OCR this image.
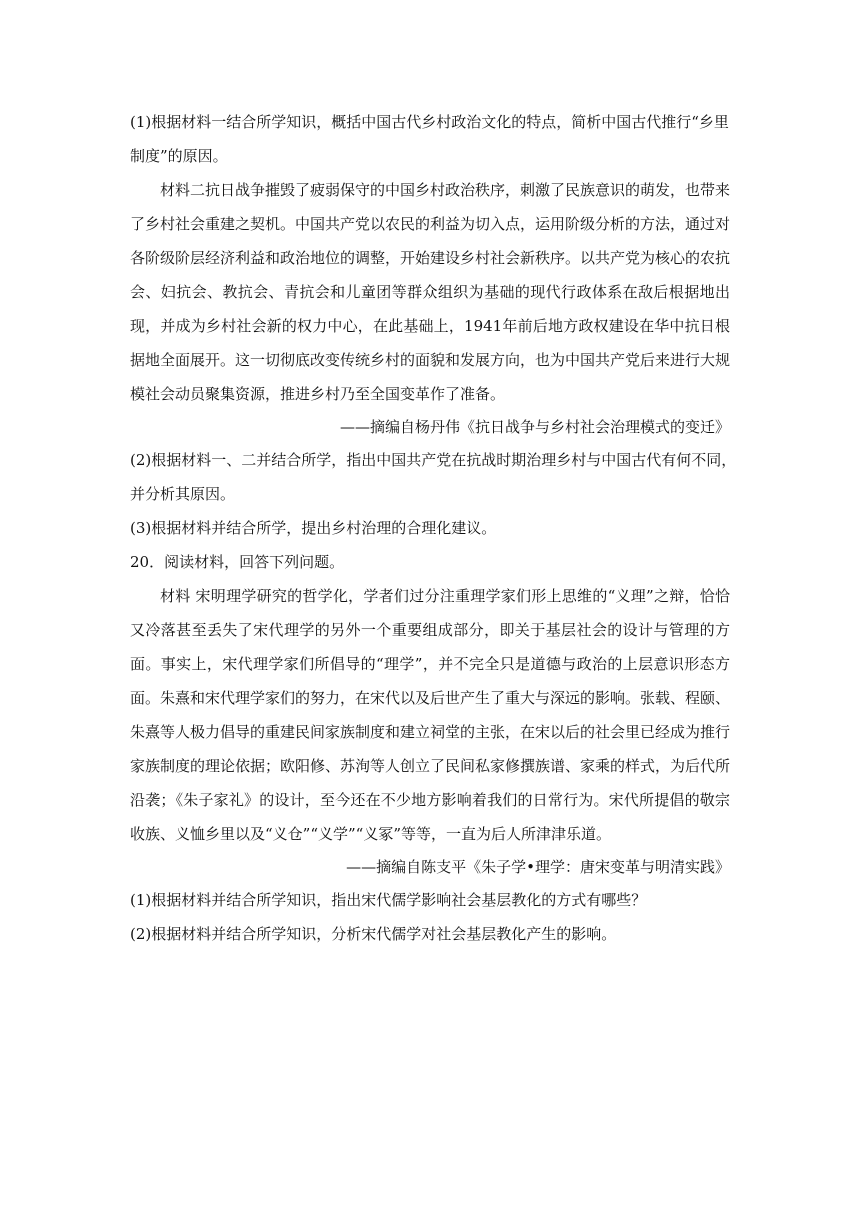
(1)根据材料一结合所学知识，概括中国古代乡村政治文化的特点，简析中国古代推行“乡里
制度”的原因。
材料二抗日战争摧毁了疲弱保守的中国乡村政治秩序，刺激了民族意识的萌发，也带来了乡村社会重建之契机。中国共产党以农民的利益为切入点，运用阶级分析的方法，通过对各阶级阶层经济利益和政治地位的调整，开始建设乡村社会新秩序。以共产党为核心的农抗会、妇抗会、教抗会、青抗会和儿童团等群众组织为基础的现代行政体系在敌后根据地出现，并成为乡村社会新的权力中心，在此基础上，1941年前后地方政权建设在华中抗日根据地全面展开。这一切彻底改变传统乡村的面貌和发展方向，也为中国共产党后来进行大规模社会动员聚集资源，推进乡村乃至全国变革作了准备。
——摘编自杨丹伟《抗日战争与乡村社会治理模式的变迁》
(2)根据材料一、二并结合所学，指出中国共产党在抗战时期治理乡村与中国古代有何不同，
并分析其原因。
(3)根据材料并结合所学，提出乡村治理的合理化建议。
20．阅读材料，回答下列问题。
材料 宋明理学研究的哲学化，学者们过分注重理学家们形上思维的“义理”之辩，恰恰又冷落甚至丢失了宋代理学的另外一个重要组成部分，即关于基层社会的设计与管理的方面。事实上，宋代理学家们所倡导的“理学”，并不完全只是道德与政治的上层意识形态方面。朱熹和宋代理学家们的努力，在宋代以及后世产生了重大与深远的影响。张载、程颐、朱熹等人极力倡导的重建民间家族制度和建立祠堂的主张，在宋以后的社会里已经成为推行家族制度的理论依据；欧阳修、苏洵等人创立了民间私家修撰族谱、家乘的样式，为后代所沿袭；《朱子家礼》的设计，至今还在不少地方影响着我们的日常行为。宋代所提倡的敬宗收族、义恤乡里以及“义仓”“义学”“义冢”等等，一直为后人所津津乐道。
——摘编自陈支平《朱子学•理学：唐宋变革与明清实践》
(1)根据材料并结合所学知识，指出宋代儒学影响社会基层教化的方式有哪些？
(2)根据材料并结合所学知识，分析宋代儒学对社会基层教化产生的影响。
